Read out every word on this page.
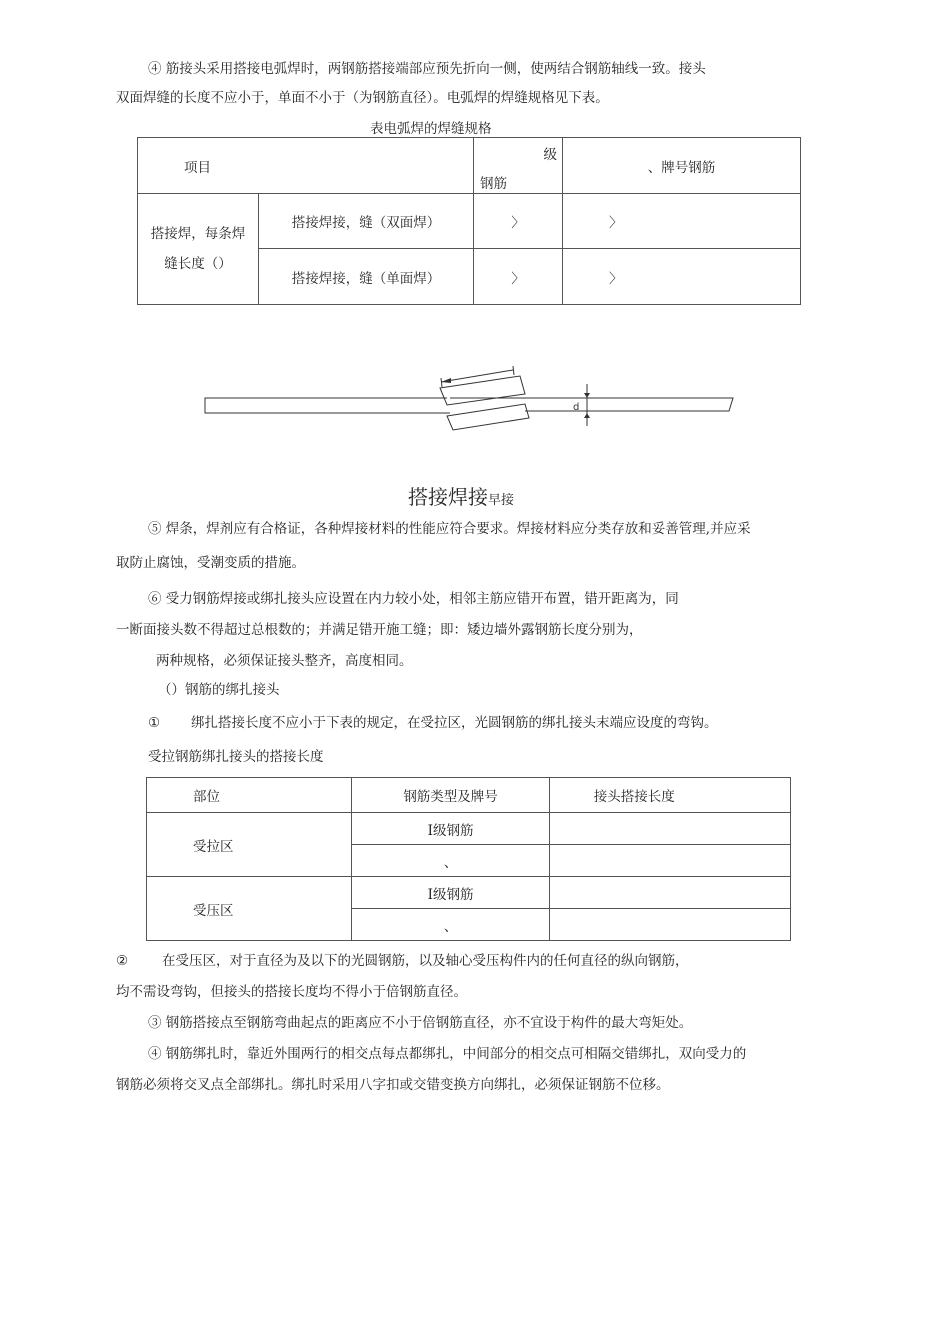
④ 筋接头采用搭接电弧焊时，两钢筋搭接端部应预先折向一侧，使两结合钢筋轴线一致。接头
双面焊缝的长度不应小于，单面不小于（为钢筋直径）。电弧焊的焊缝规格见下表。
表电弧焊的焊缝规格
项目		级
钢筋	、牌号钢筋

搭接焊，每条焊
缝长度（）	搭接焊接，缝（双面焊）	〉	〉
	搭接焊接，缝（单面焊）	〉	〉
d
搭接焊接早接
⑤ 焊条，焊剂应有合格证，各种焊接材料的性能应符合要求。焊接材料应分类存放和妥善管理,并应采
取防止腐蚀，受潮变质的措施。
⑥ 受力钢筋焊接或绑扎接头应设置在内力较小处，相邻主筋应错开布置，错开距离为，同
一断面接头数不得超过总根数的；并满足错开施工缝；即：矮边墙外露钢筋长度分别为，
两种规格，必须保证接头整齐，高度相同。
（）钢筋的绑扎接头
① 绑扎搭接长度不应小于下表的规定，在受拉区，光圆钢筋的绑扎接头末端应设度的弯钩。
受拉钢筋绑扎接头的搭接长度
部位	钢筋类型及牌号	接头搭接长度
受拉区	I级钢筋	
	、	
受压区	I级钢筋	
	、	
②	在受压区，对于直径为及以下的光圆钢筋，以及轴心受压构件内的任何直径的纵向钢筋，
均不需设弯钩，但接头的搭接长度均不得小于倍钢筋直径。
③ 钢筋搭接点至钢筋弯曲起点的距离应不小于倍钢筋直径，亦不宜设于构件的最大弯矩处。
④ 钢筋绑扎时，靠近外围两行的相交点每点都绑扎，中间部分的相交点可相隔交错绑扎，双向受力的
钢筋必须将交叉点全部绑扎。绑扎时采用八字扣或交错变换方向绑扎，必须保证钢筋不位移。
